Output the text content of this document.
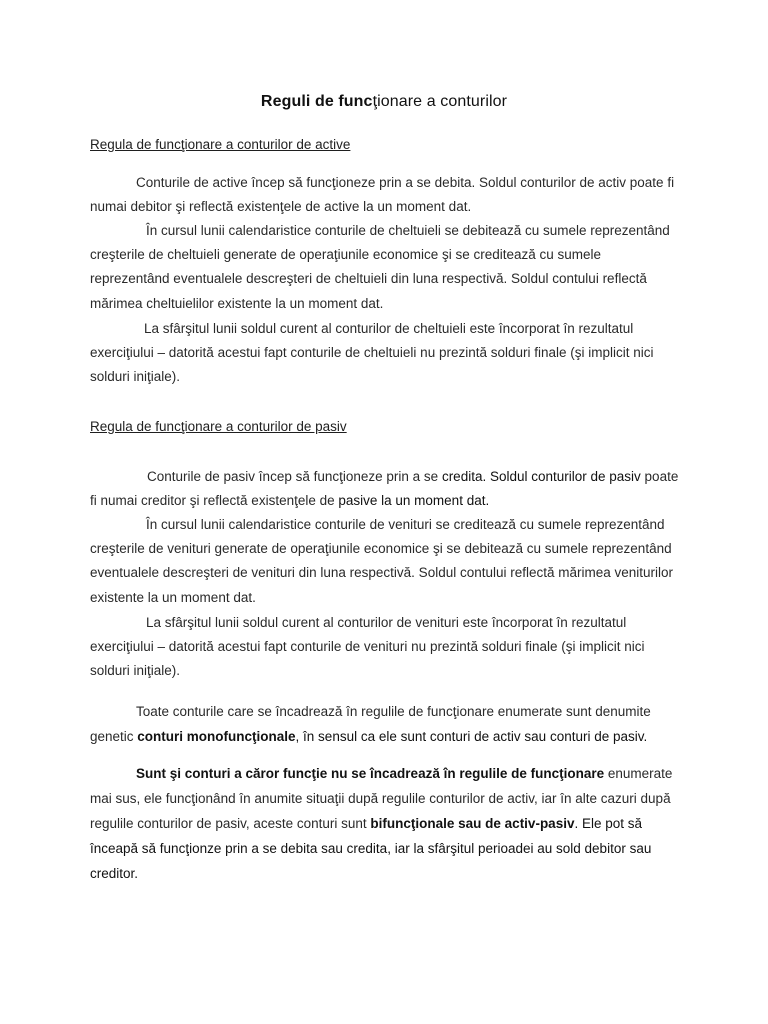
Reguli de funcţionare a conturilor
Regula de funcţionare a conturilor de active

Conturile de active încep să funcţioneze prin a se debita. Soldul conturilor de activ poate fi numai debitor şi reflectă existenţele de active la un moment dat.

În cursul lunii calendaristice conturile de cheltuieli se debitează cu sumele reprezentând creşterile de cheltuieli generate de operaţiunile economice şi se creditează cu sumele reprezentând eventualele descreşteri de cheltuieli din luna respectivă. Soldul contului reflectă mărimea cheltuielilor existente la un moment dat.

La sfârşitul lunii soldul curent al conturilor de cheltuieli este încorporat în rezultatul exerciţiului – datorită acestui fapt conturile de cheltuieli nu prezintă solduri finale (şi implicit nici solduri iniţiale).

Regula de funcţionare a conturilor de pasiv

Conturile de pasiv încep să funcţioneze prin a se credita. Soldul conturilor de pasiv poate fi numai creditor şi reflectă existenţele de pasive la un moment dat.

În cursul lunii calendaristice conturile de venituri se creditează cu sumele reprezentând creşterile de venituri generate de operaţiunile economice şi se debitează cu sumele reprezentând eventualele descreşteri de venituri din luna respectivă. Soldul contului reflectă mărimea veniturilor existente la un moment dat.

La sfârşitul lunii soldul curent al conturilor de venituri este încorporat în rezultatul exerciţiului – datorită acestui fapt conturile de venituri nu prezintă solduri finale (şi implicit nici solduri iniţiale).

Toate conturile care se încadrează în regulile de funcţionare enumerate sunt denumite genetic conturi monofuncţionale, în sensul ca ele sunt conturi de activ sau conturi de pasiv.

Sunt şi conturi a căror funcţie nu se încadrează în regulile de funcţionare enumerate mai sus, ele funcţionând în anumite situaţii după regulile conturilor de activ, iar în alte cazuri după regulile conturilor de pasiv, aceste conturi sunt bifuncţionale sau de activ-pasiv. Ele pot să înceapă să funcţionze prin a se debita sau credita, iar la sfârşitul perioadei au sold debitor sau creditor.
